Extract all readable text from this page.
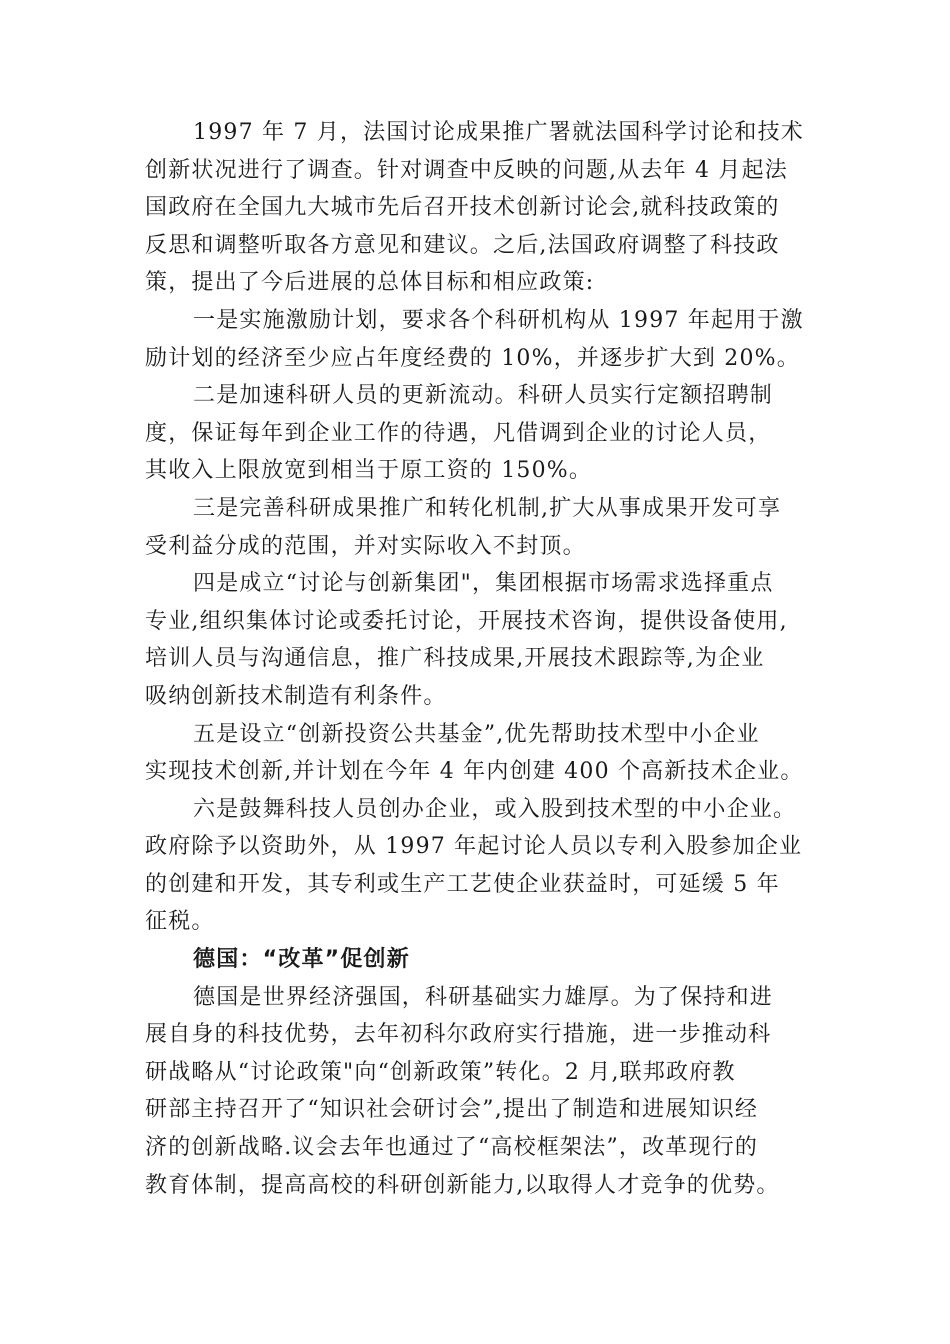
1997 年 7 月，法国讨论成果推广署就法国科学讨论和技术
创新状况进行了调查。针对调查中反映的问题,从去年 4 月起法
国政府在全国九大城市先后召开技术创新讨论会,就科技政策的
反思和调整听取各方意见和建议。之后,法国政府调整了科技政
策，提出了今后进展的总体目标和相应政策:
一是实施激励计划，要求各个科研机构从 1997 年起用于激
励计划的经济至少应占年度经费的 10%，并逐步扩大到 20%。
二是加速科研人员的更新流动。科研人员实行定额招聘制
度，保证每年到企业工作的待遇，凡借调到企业的讨论人员，
其收入上限放宽到相当于原工资的 150%。
三是完善科研成果推广和转化机制,扩大从事成果开发可享
受利益分成的范围，并对实际收入不封顶。
四是成立“讨论与创新集团"，集团根据市场需求选择重点
专业,组织集体讨论或委托讨论，开展技术咨询，提供设备使用,
培训人员与沟通信息，推广科技成果,开展技术跟踪等,为企业
吸纳创新技术制造有利条件。
五是设立“创新投资公共基金”,优先帮助技术型中小企业
实现技术创新,并计划在今年 4 年内创建 400 个高新技术企业。
六是鼓舞科技人员创办企业，或入股到技术型的中小企业。
政府除予以资助外，从 1997 年起讨论人员以专利入股参加企业
的创建和开发，其专利或生产工艺使企业获益时，可延缓 5 年
征税。
德国：“改革”促创新
德国是世界经济强国，科研基础实力雄厚。为了保持和进
展自身的科技优势，去年初科尔政府实行措施，进一步推动科
研战略从“讨论政策"向“创新政策”转化。2 月,联邦政府教
研部主持召开了“知识社会研讨会”,提出了制造和进展知识经
济的创新战略.议会去年也通过了“高校框架法”，改革现行的
教育体制，提高高校的科研创新能力,以取得人才竞争的优势。
